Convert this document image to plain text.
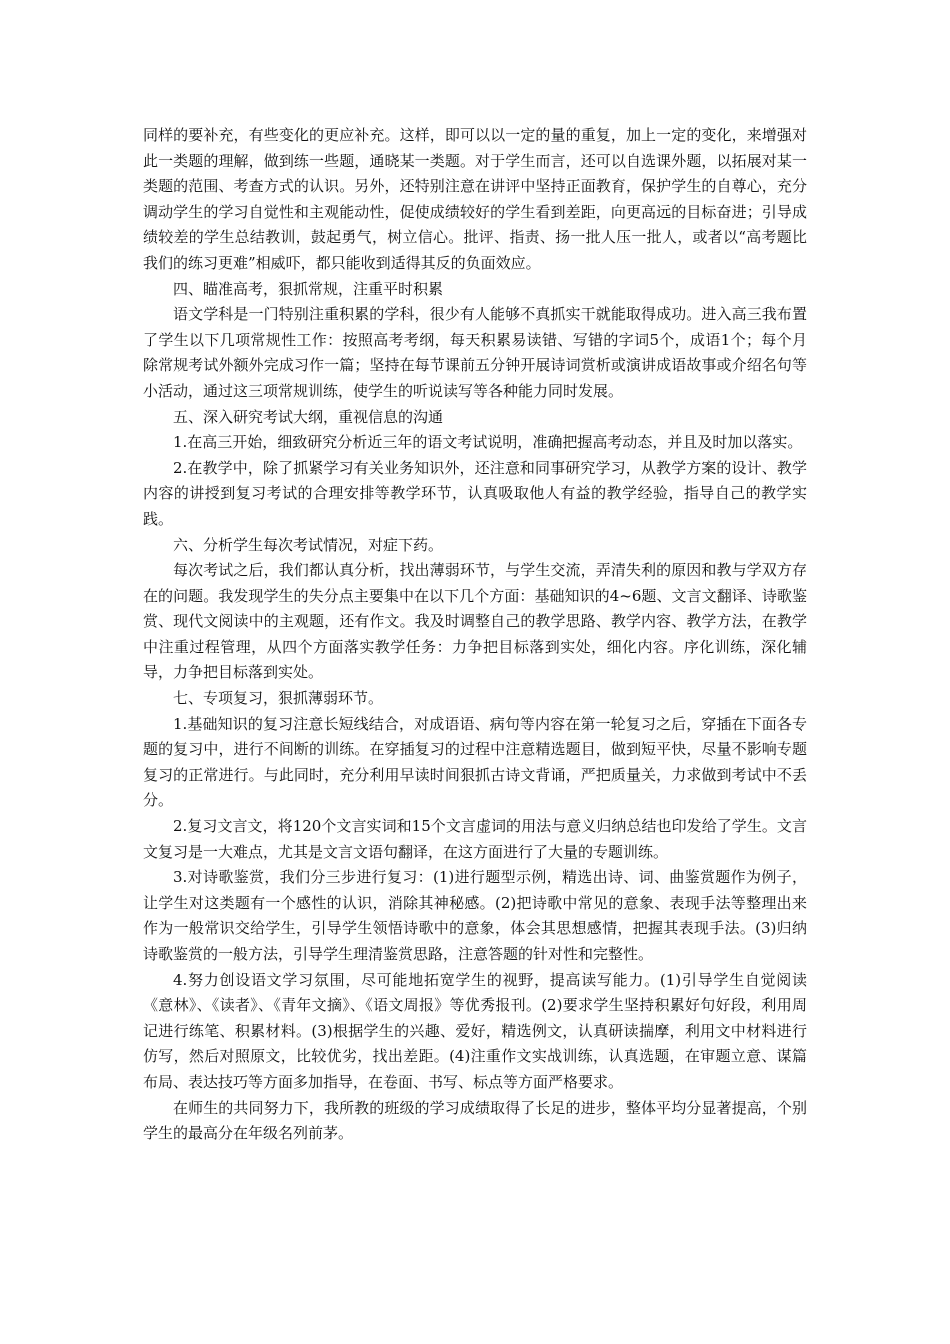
同样的要补充，有些变化的更应补充。这样，即可以以一定的量的重复，加上一定的变化，来增强对此一类题的理解，做到练一些题，通晓某一类题。对于学生而言，还可以自选课外题，以拓展对某一类题的范围、考查方式的认识。另外，还特别注意在讲评中坚持正面教育，保护学生的自尊心，充分调动学生的学习自觉性和主观能动性，促使成绩较好的学生看到差距，向更高远的目标奋进；引导成绩较差的学生总结教训，鼓起勇气，树立信心。批评、指责、扬一批人压一批人，或者以“高考题比我们的练习更难”相威吓，都只能收到适得其反的负面效应。

四、瞄准高考，狠抓常规，注重平时积累

语文学科是一门特别注重积累的学科，很少有人能够不真抓实干就能取得成功。进入高三我布置了学生以下几项常规性工作：按照高考考纲，每天积累易读错、写错的字词5个，成语1个；每个月除常规考试外额外完成习作一篇；坚持在每节课前五分钟开展诗词赏析或演讲成语故事或介绍名句等小活动，通过这三项常规训练，使学生的听说读写等各种能力同时发展。

五、深入研究考试大纲，重视信息的沟通

1.在高三开始，细致研究分析近三年的语文考试说明，准确把握高考动态，并且及时加以落实。

2.在教学中，除了抓紧学习有关业务知识外，还注意和同事研究学习，从教学方案的设计、教学内容的讲授到复习考试的合理安排等教学环节，认真吸取他人有益的教学经验，指导自己的教学实践。

六、分析学生每次考试情况，对症下药。

每次考试之后，我们都认真分析，找出薄弱环节，与学生交流，弄清失利的原因和教与学双方存在的问题。我发现学生的失分点主要集中在以下几个方面：基础知识的4~6题、文言文翻译、诗歌鉴赏、现代文阅读中的主观题，还有作文。我及时调整自己的教学思路、教学内容、教学方法，在教学中注重过程管理，从四个方面落实教学任务：力争把目标落到实处，细化内容。序化训练，深化辅导，力争把目标落到实处。

七、专项复习，狠抓薄弱环节。

1.基础知识的复习注意长短线结合，对成语语、病句等内容在第一轮复习之后，穿插在下面各专题的复习中，进行不间断的训练。在穿插复习的过程中注意精选题目，做到短平快，尽量不影响专题复习的正常进行。与此同时，充分利用早读时间狠抓古诗文背诵，严把质量关，力求做到考试中不丢分。

2.复习文言文，将120个文言实词和15个文言虚词的用法与意义归纳总结也印发给了学生。文言文复习是一大难点，尤其是文言文语句翻译，在这方面进行了大量的专题训练。

3.对诗歌鉴赏，我们分三步进行复习：(1)进行题型示例，精选出诗、词、曲鉴赏题作为例子，让学生对这类题有一个感性的认识，消除其神秘感。(2)把诗歌中常见的意象、表现手法等整理出来作为一般常识交给学生，引导学生领悟诗歌中的意象，体会其思想感情，把握其表现手法。(3)归纳诗歌鉴赏的一般方法，引导学生理清鉴赏思路，注意答题的针对性和完整性。

4.努力创设语文学习氛围，尽可能地拓宽学生的视野，提高读写能力。(1)引导学生自觉阅读《意林》、《读者》、《青年文摘》、《语文周报》等优秀报刊。(2)要求学生坚持积累好句好段，利用周记进行练笔、积累材料。(3)根据学生的兴趣、爱好，精选例文，认真研读揣摩，利用文中材料进行仿写，然后对照原文，比较优劣，找出差距。(4)注重作文实战训练，认真选题，在审题立意、谋篇布局、表达技巧等方面多加指导，在卷面、书写、标点等方面严格要求。

在师生的共同努力下，我所教的班级的学习成绩取得了长足的进步，整体平均分显著提高，个别学生的最高分在年级名列前茅。
